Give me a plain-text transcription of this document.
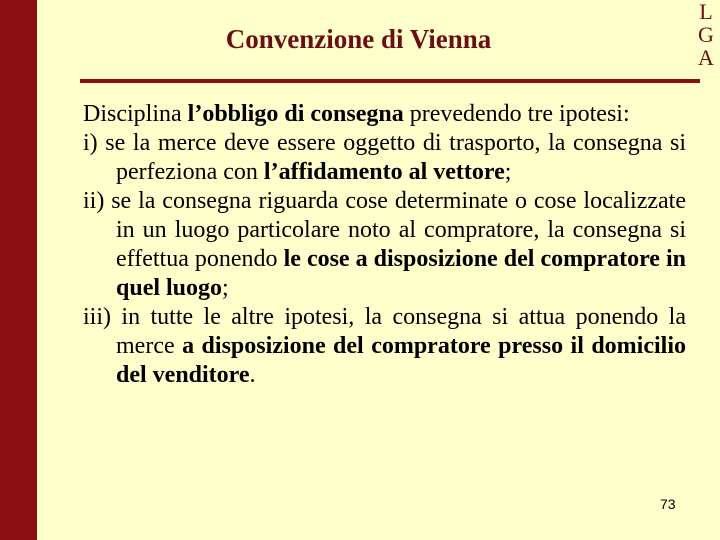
L
G
A
Convenzione di Vienna

Disciplina l’obbligo di consegna prevedendo tre ipotesi:

i) se la merce deve essere oggetto di trasporto, la consegna si perfeziona con l’affidamento al vettore;

ii) se la consegna riguarda cose determinate o cose localizzate in un luogo particolare noto al compratore, la consegna si effettua ponendo le cose a disposizione del compratore in quel luogo;

iii) in tutte le altre ipotesi, la consegna si attua ponendo la merce a disposizione del compratore presso il domicilio del venditore.

73
